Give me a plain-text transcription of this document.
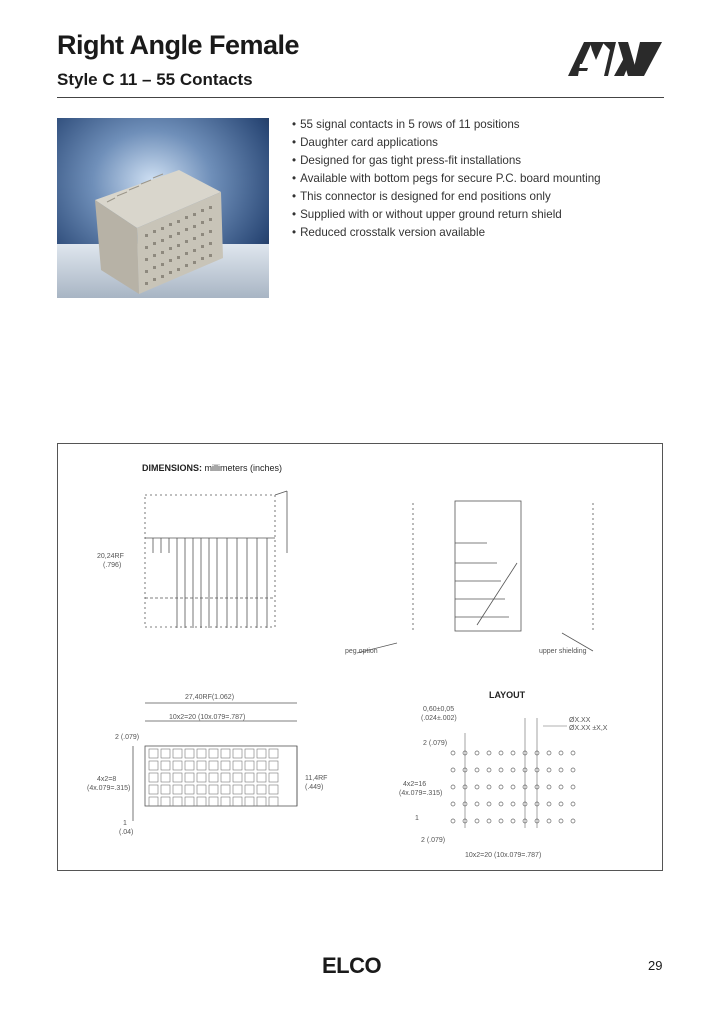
Right Angle Female
Style C 11 – 55 Contacts	AVX
• 55 signal contacts in 5 rows of 11 positions
• Daughter card applications
• Designed for gas tight press-fit installations
• Available with bottom pegs for secure P.C. board mounting
• This connector is designed for end positions only
• Supplied with or without upper ground return shield
• Reduced crosstalk version available
DIMENSIONS: millimeters (inches)
20,24RF
(.796)
peg option	upper shielding
LAYOUT
27,40RF(1.062)
10x2=20 (10x.079=.787)
2 (.079)
4x2=8
(4x.079=.315)
11,4RF
(.449)
1
(.04)
0,60±0,05
(.024±.002)	ØX.XX
ØX.XX ±X,X
2 (.079)
4x2=16
(4x.079=.315)
1
2 (.079)
10x2=20 (10x.079=.787)
ELCO	29
